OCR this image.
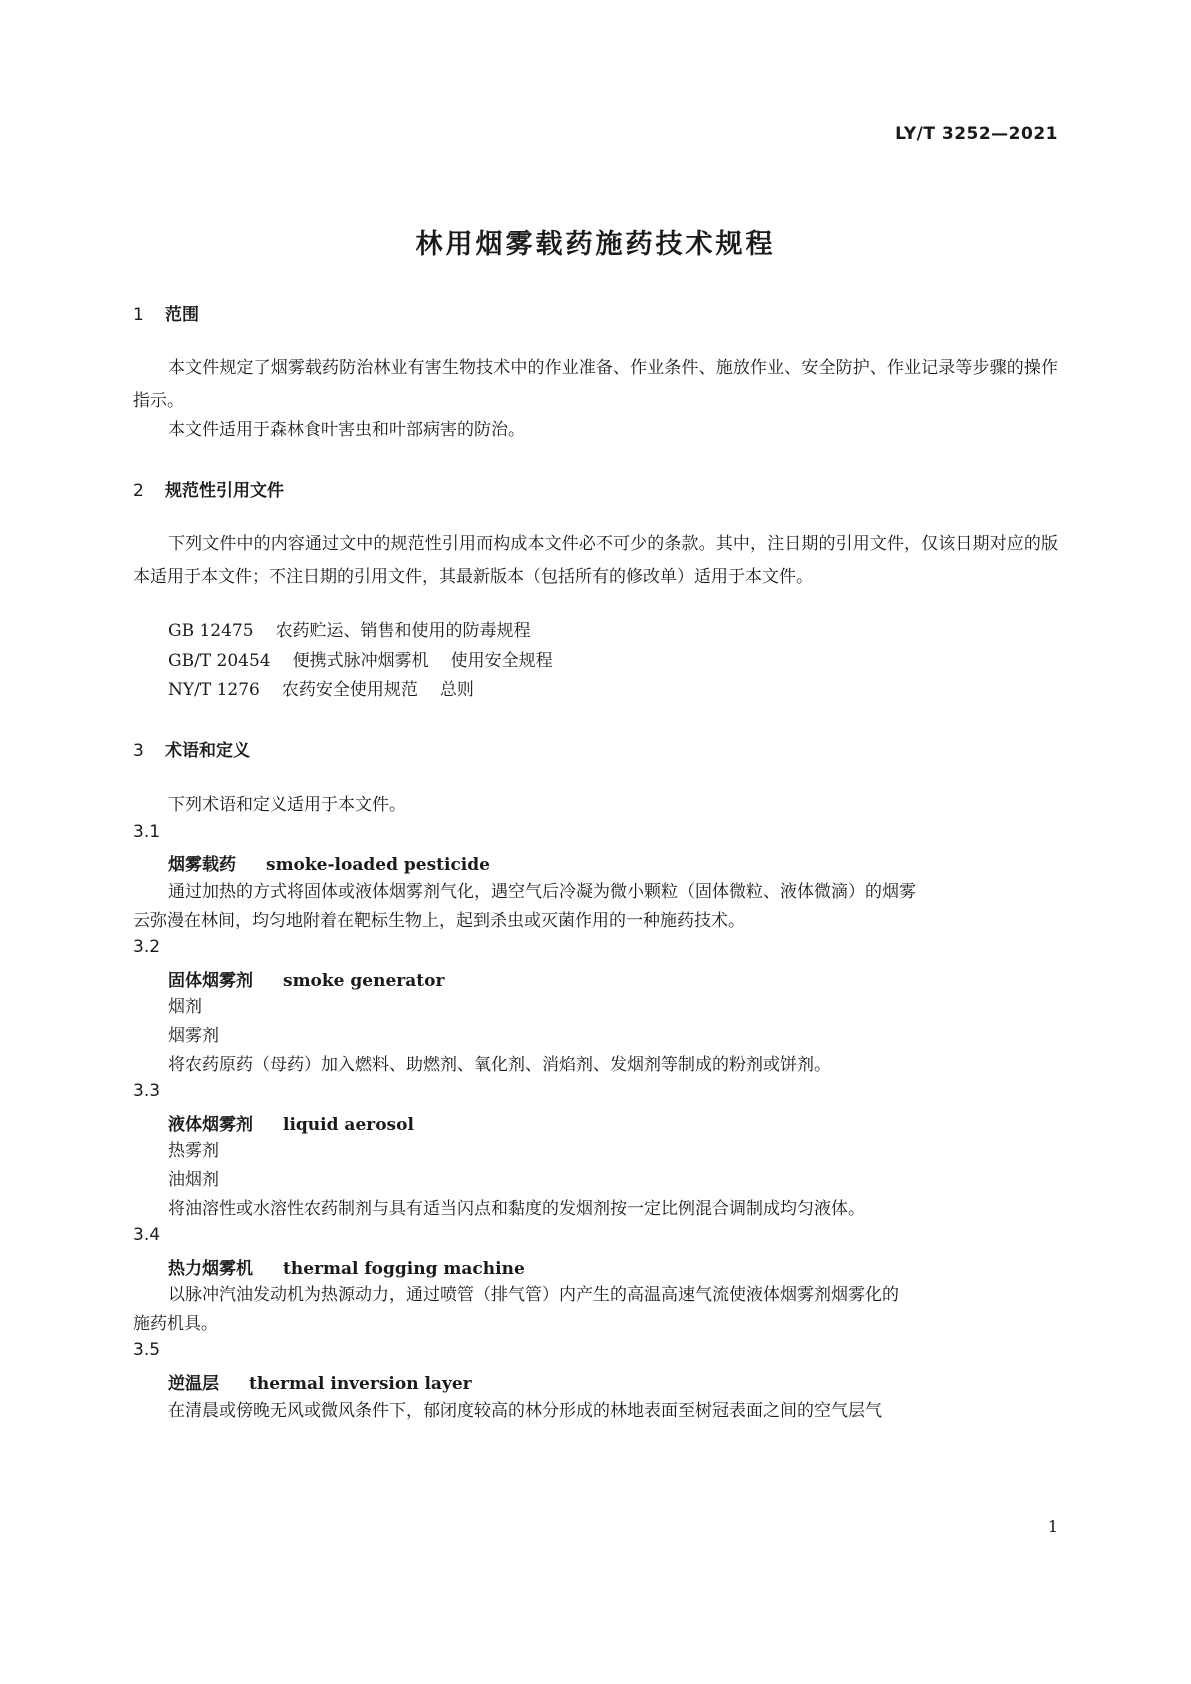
LY/T 3252—2021
林用烟雾载药施药技术规程
1 范围
本文件规定了烟雾载药防治林业有害生物技术中的作业准备、作业条件、施放作业、安全防护、作业记录等步骤的操作指示。
本文件适用于森林食叶害虫和叶部病害的防治。
2 规范性引用文件
下列文件中的内容通过文中的规范性引用而构成本文件必不可少的条款。其中，注日期的引用文件，仅该日期对应的版本适用于本文件；不注日期的引用文件，其最新版本（包括所有的修改单）适用于本文件。
GB 12475 农药贮运、销售和使用的防毒规程
GB/T 20454 便携式脉冲烟雾机 使用安全规程
NY/T 1276 农药安全使用规范 总则
3 术语和定义
下列术语和定义适用于本文件。
3.1
烟雾载药 smoke-loaded pesticide
通过加热的方式将固体或液体烟雾剂气化，遇空气后冷凝为微小颗粒（固体微粒、液体微滴）的烟雾
云弥漫在林间，均匀地附着在靶标生物上，起到杀虫或灭菌作用的一种施药技术。
3.2
固体烟雾剂 smoke generator
烟剂
烟雾剂
将农药原药（母药）加入燃料、助燃剂、氧化剂、消焰剂、发烟剂等制成的粉剂或饼剂。
3.3
液体烟雾剂 liquid aerosol
热雾剂
油烟剂
将油溶性或水溶性农药制剂与具有适当闪点和黏度的发烟剂按一定比例混合调制成均匀液体。
3.4
热力烟雾机 thermal fogging machine
以脉冲汽油发动机为热源动力，通过喷管（排气管）内产生的高温高速气流使液体烟雾剂烟雾化的
施药机具。
3.5
逆温层 thermal inversion layer
在清晨或傍晚无风或微风条件下，郁闭度较高的林分形成的林地表面至树冠表面之间的空气层气
1
